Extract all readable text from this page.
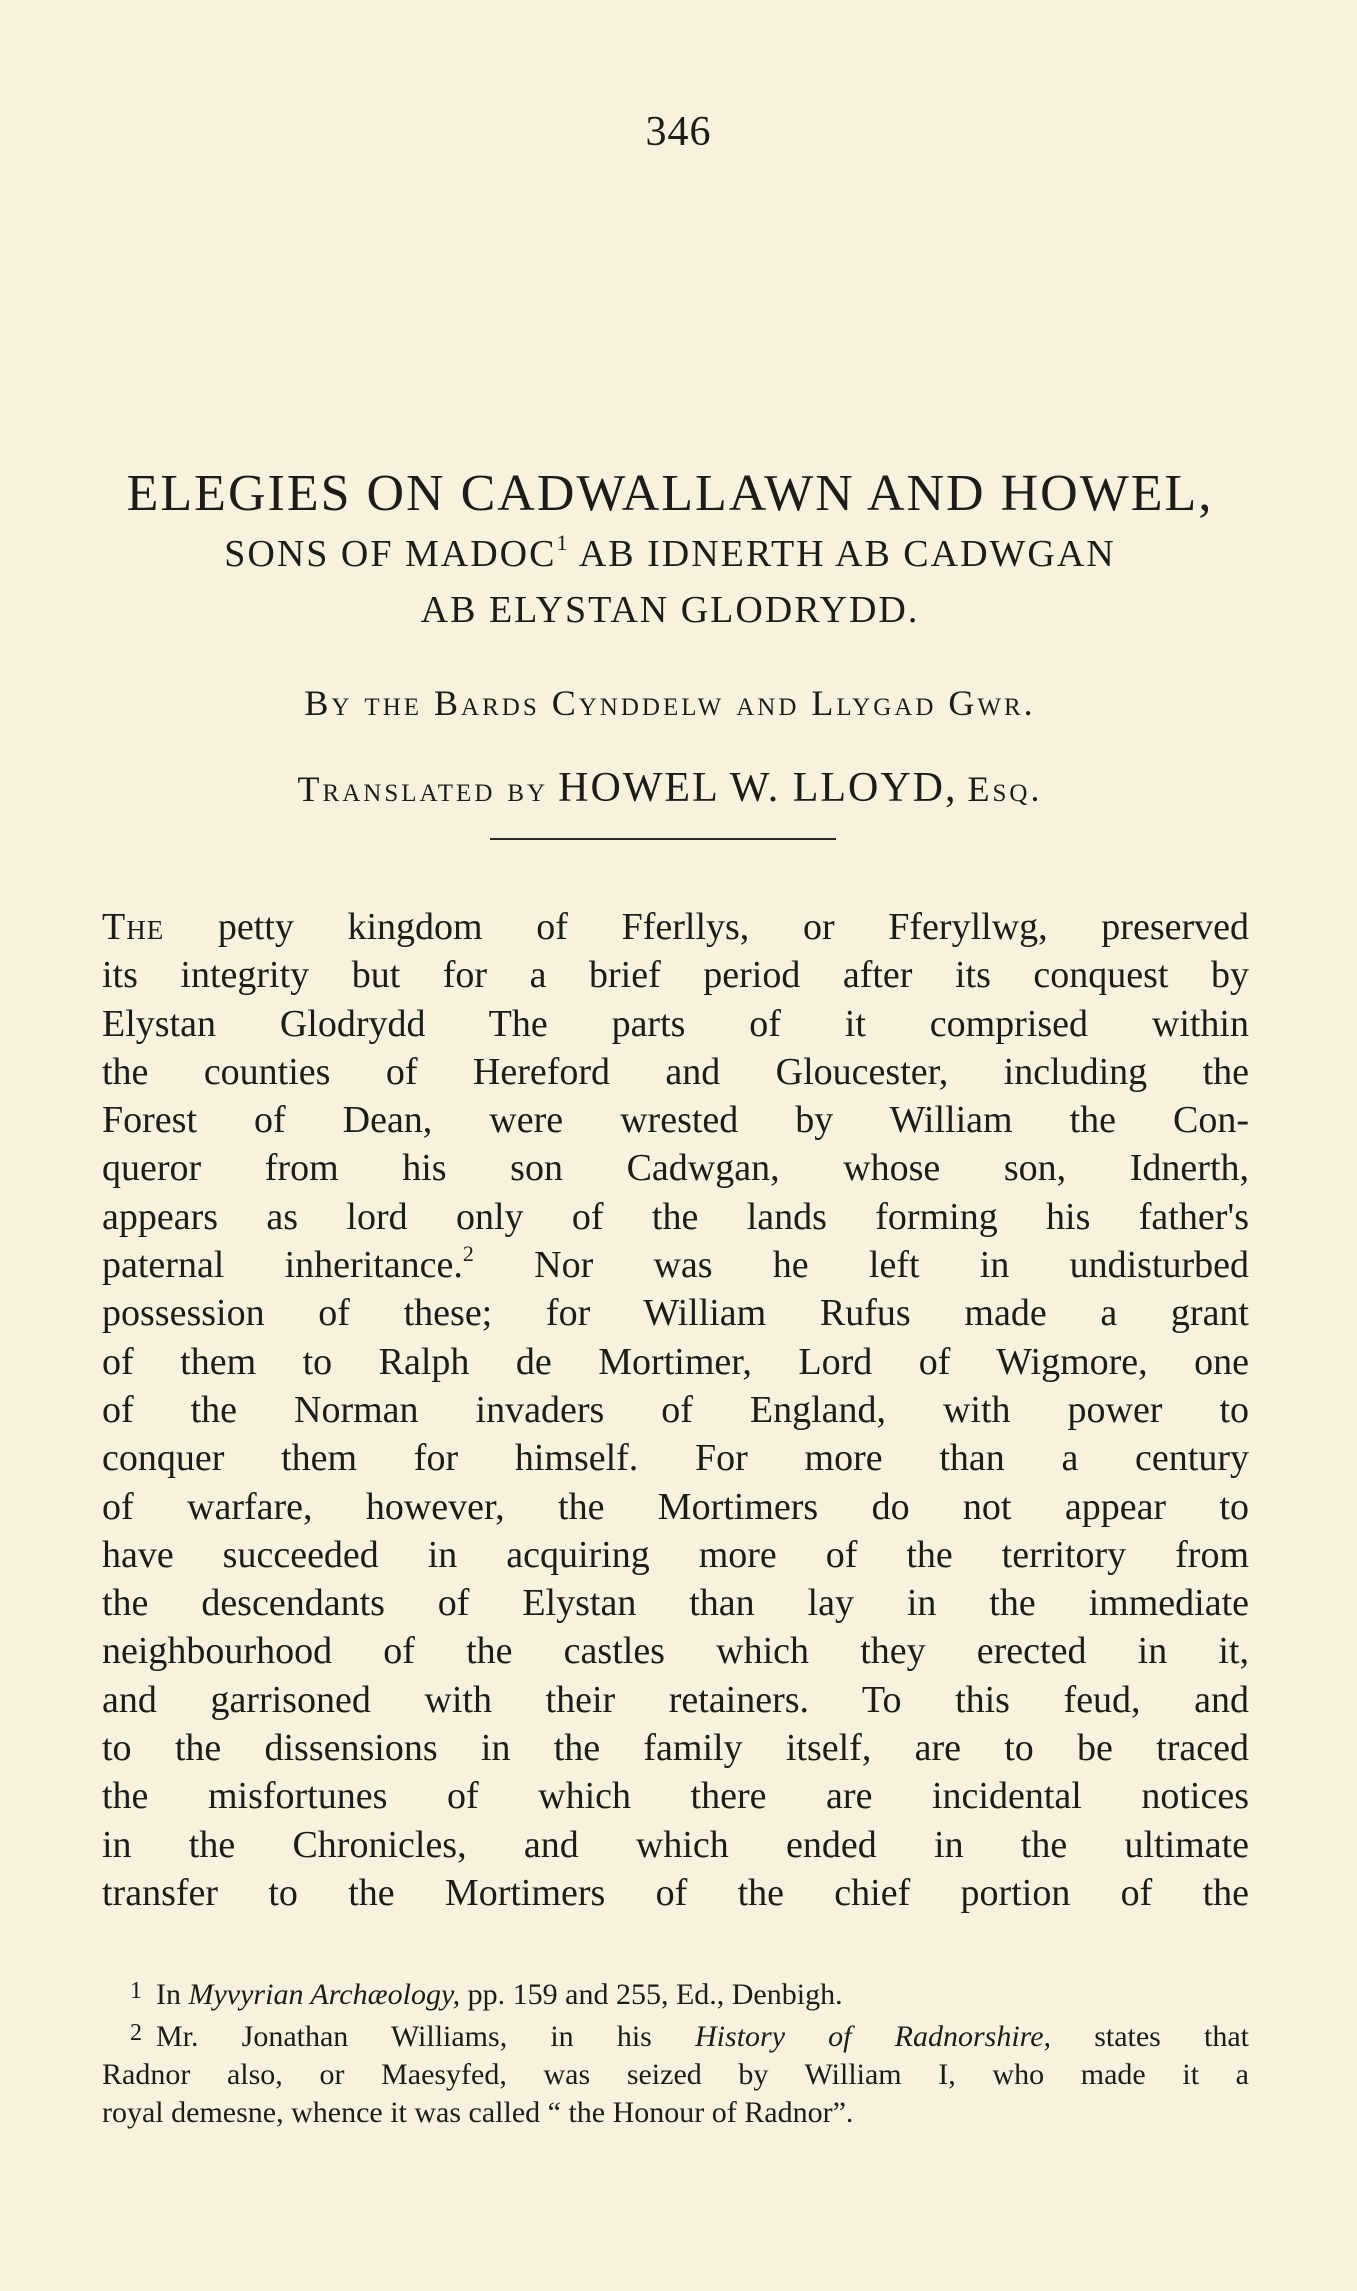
346

ELEGIES ON CADWALLAWN AND HOWEL,

SONS OF MADOC$^1$ AB IDNERTH AB CADWGAN

AB ELYSTAN GLODRYDD.

By the Bards Cynddelw and Llygad Gwr.
Translated by HOWEL W. LLOYD, Esq.
The petty kingdom of Fferllys, or Fferyllwg, preserved
its integrity but for a brief period after its conquest by
Elystan Glodrydd The parts of it comprised within
the counties of Hereford and Gloucester, including the
Forest of Dean, were wrested by William the Con-
queror from his son Cadwgan, whose son, Idnerth,
appears as lord only of the lands forming his father's
paternal inheritance.$^2$ Nor was he left in undisturbed
possession of these; for William Rufus made a grant
of them to Ralph de Mortimer, Lord of Wigmore, one
of the Norman invaders of England, with power to
conquer them for himself. For more than a century
of warfare, however, the Mortimers do not appear to
have succeeded in acquiring more of the territory from
the descendants of Elystan than lay in the immediate
neighbourhood of the castles which they erected in it,
and garrisoned with their retainers. To this feud, and
to the dissensions in the family itself, are to be traced
the misfortunes of which there are incidental notices
in the Chronicles, and which ended in the ultimate
transfer to the Mortimers of the chief portion of the
$^1$ In Myvyrian Archæology, pp. 159 and 255, Ed., Denbigh.
$^2$ Mr. Jonathan Williams, in his History of Radnorshire, states that
Radnor also, or Maesyfed, was seized by William I, who made it a
royal demesne, whence it was called “ the Honour of Radnor”.
